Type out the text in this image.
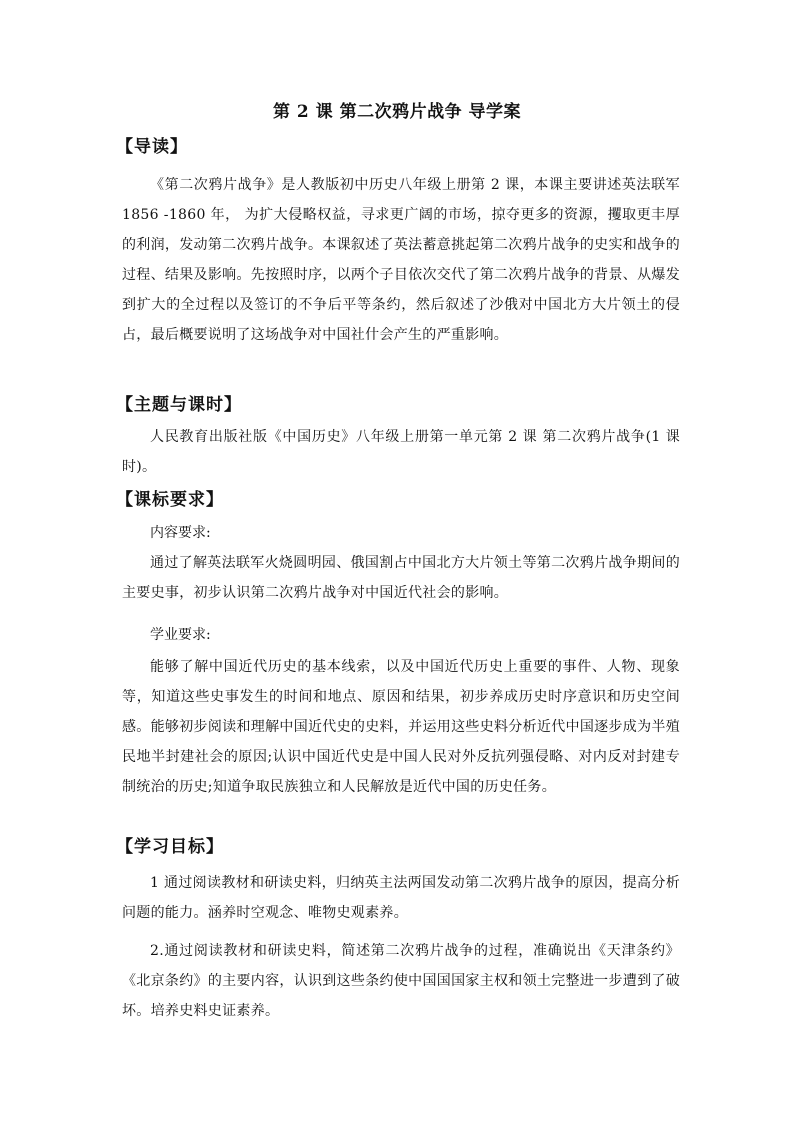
第 2 课 第二次鸦片战争 导学案
【导读】
《第二次鸦片战争》是人教版初中历史八年级上册第 2 课，本课主要讲述英法联军 1856 -1860 年， 为扩大侵略权益，寻求更广阔的市场，掠夺更多的资源，攫取更丰厚的利润，发动第二次鸦片战争。本课叙述了英法蓄意挑起第二次鸦片战争的史实和战争的过程、结果及影响。先按照时序，以两个子目依次交代了第二次鸦片战争的背景、从爆发到扩大的全过程以及签订的不争后平等条约，然后叙述了沙俄对中国北方大片领土的侵占，最后概要说明了这场战争对中国社什会产生的严重影响。
【主题与课时】
人民教育出版社版《中国历史》八年级上册第一单元第 2 课 第二次鸦片战争(1 课时)。
【课标要求】
内容要求:
通过了解英法联军火烧圆明园、俄国割占中国北方大片领土等第二次鸦片战争期间的主要史事，初步认识第二次鸦片战争对中国近代社会的影响。
学业要求:
能够了解中国近代历史的基本线索，以及中国近代历史上重要的事件、人物、现象等，知道这些史事发生的时间和地点、原因和结果，初步养成历史时序意识和历史空间感。能够初步阅读和理解中国近代史的史料，并运用这些史料分析近代中国逐步成为半殖民地半封建社会的原因;认识中国近代史是中国人民对外反抗列强侵略、对内反对封建专制统治的历史;知道争取民族独立和人民解放是近代中国的历史任务。
【学习目标】
1 通过阅读教材和研读史料，归纳英主法两国发动第二次鸦片战争的原因，提高分析问题的能力。涵养时空观念、唯物史观素养。
2.通过阅读教材和研读史料，简述第二次鸦片战争的过程，准确说出《天津条约》《北京条约》的主要内容，认识到这些条约使中国国国家主权和领土完整进一步遭到了破坏。培养史料史证素养。
